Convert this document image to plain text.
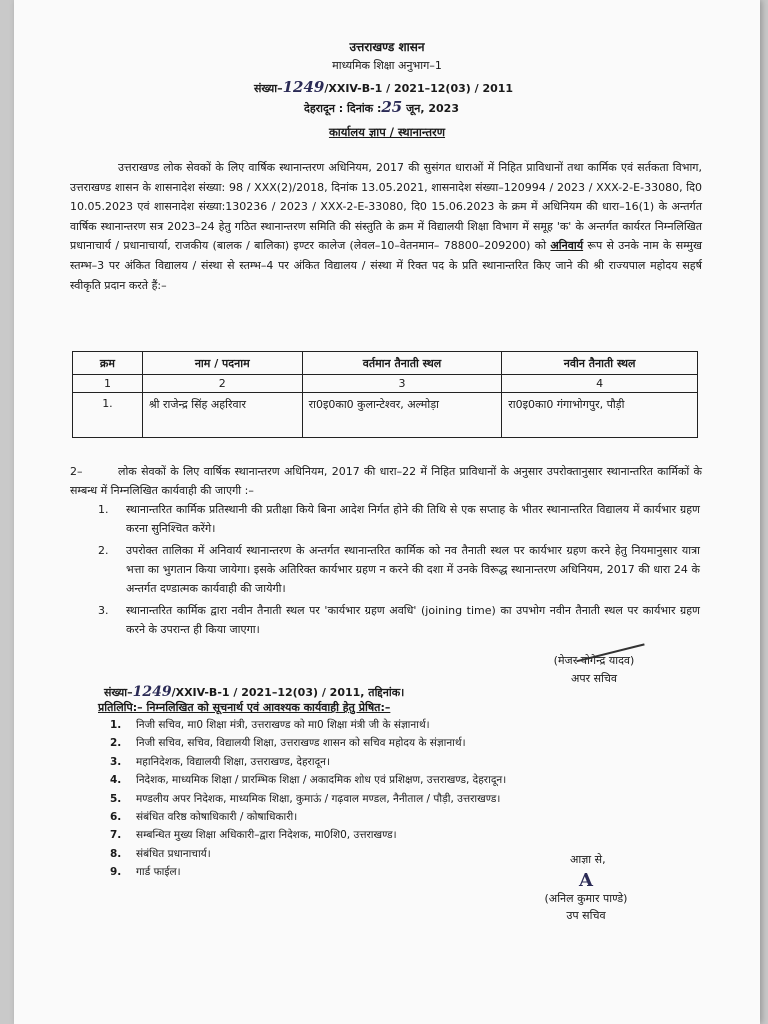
उत्तराखण्ड शासन
माध्यमिक शिक्षा अनुभाग–1
संख्या–1249/XXIV-B-1 / 2021–12(03) / 2011
देहरादून : दिनांक :25 जून, 2023
कार्यालय ज्ञाप / स्थानान्तरण
उत्तराखण्ड लोक सेवकों के लिए वार्षिक स्थानान्तरण अधिनियम, 2017 की सुसंगत धाराओं में निहित प्राविधानों तथा कार्मिक एवं सर्तकता विभाग, उत्तराखण्ड शासन के शासनादेश संख्या: 98 / XXX(2)/2018, दिनांक 13.05.2021, शासनादेश संख्या–120994 / 2023 / XXX-2-E-33080, दि0 10.05.2023 एवं शासनादेश संख्या:130236 / 2023 / XXX-2-E-33080, दि0 15.06.2023 के क्रम में अधिनियम की धारा–16(1) के अन्तर्गत वार्षिक स्थानान्तरण सत्र 2023–24 हेतु गठित स्थानान्तरण समिति की संस्तुति के क्रम में विद्यालयी शिक्षा विभाग में समूह 'क' के अन्तर्गत कार्यरत निम्नलिखित प्रधानाचार्य / प्रधानाचार्या, राजकीय (बालक / बालिका) इण्टर कालेज (लेवल–10–वेतनमान– 78800–209200) को अनिवार्य रूप से उनके नाम के सम्मुख स्तम्भ–3 पर अंकित विद्यालय / संस्था से स्तम्भ–4 पर अंकित विद्यालय / संस्था में रिक्त पद के प्रति स्थानान्तरित किए जाने की श्री राज्यपाल महोदय सहर्ष स्वीकृति प्रदान करते हैं:–
क्रम	नाम / पदनाम	वर्तमान तैनाती स्थल	नवीन तैनाती स्थल
1	2	3	4
1.	श्री राजेन्द्र सिंह अहरिवार	रा0इ0का0 कुलान्टेश्वर, अल्मोड़ा	रा0इ0का0 गंगाभोगपुर, पौड़ी
2–	लोक सेवकों के लिए वार्षिक स्थानान्तरण अधिनियम, 2017 की धारा–22 में निहित प्राविधानों के अनुसार उपरोक्तानुसार स्थानान्तरित कार्मिकों के सम्बन्ध में निम्नलिखित कार्यवाही की जाएगी :–
1. स्थानान्तरित कार्मिक प्रतिस्थानी की प्रतीक्षा किये बिना आदेश निर्गत होने की तिथि से एक सप्ताह के भीतर स्थानान्तरित विद्यालय में कार्यभार ग्रहण करना सुनिश्चित करेंगे।
2. उपरोक्त तालिका में अनिवार्य स्थानान्तरण के अन्तर्गत स्थानान्तरित कार्मिक को नव तैनाती स्थल पर कार्यभार ग्रहण करने हेतु नियमानुसार यात्रा भत्ता का भुगतान किया जायेगा। इसके अतिरिक्त कार्यभार ग्रहण न करने की दशा में उनके विरूद्ध स्थानान्तरण अधिनियम, 2017 की धारा 24 के अन्तर्गत दण्डात्मक कार्यवाही की जायेगी।
3. स्थानान्तरित कार्मिक द्वारा नवीन तैनाती स्थल पर 'कार्यभार ग्रहण अवधि' (joining time) का उपभोग नवीन तैनाती स्थल पर कार्यभार ग्रहण करने के उपरान्त ही किया जाएगा।
(मेजर योगेन्द्र यादव)
अपर सचिव
संख्या–1249/XXIV-B-1 / 2021–12(03) / 2011, तद्दिनांक।
प्रतिलिपि:– निम्नलिखित को सूचनार्थ एवं आवश्यक कार्यवाही हेतु प्रेषित:–
1. निजी सचिव, मा0 शिक्षा मंत्री, उत्तराखण्ड को मा0 शिक्षा मंत्री जी के संज्ञानार्थ।
2. निजी सचिव, सचिव, विद्यालयी शिक्षा, उत्तराखण्ड शासन को सचिव महोदय के संज्ञानार्थ।
3. महानिदेशक, विद्यालयी शिक्षा, उत्तराखण्ड, देहरादून।
4. निदेशक, माध्यमिक शिक्षा / प्रारम्भिक शिक्षा / अकादमिक शोध एवं प्रशिक्षण, उत्तराखण्ड, देहरादून।
5. मण्डलीय अपर निदेशक, माध्यमिक शिक्षा, कुमाऊं / गढ़वाल मण्डल, नैनीताल / पौड़ी, उत्तराखण्ड।
6. संबंधित वरिष्ठ कोषाधिकारी / कोषाधिकारी।
7. सम्बन्धित मुख्य शिक्षा अधिकारी–द्वारा निदेशक, मा0शि0, उत्तराखण्ड।
8. संबंधित प्रधानाचार्य।
9. गार्ड फाईल।
आज्ञा से,
A
(अनिल कुमार पाण्डे)
उप सचिव
